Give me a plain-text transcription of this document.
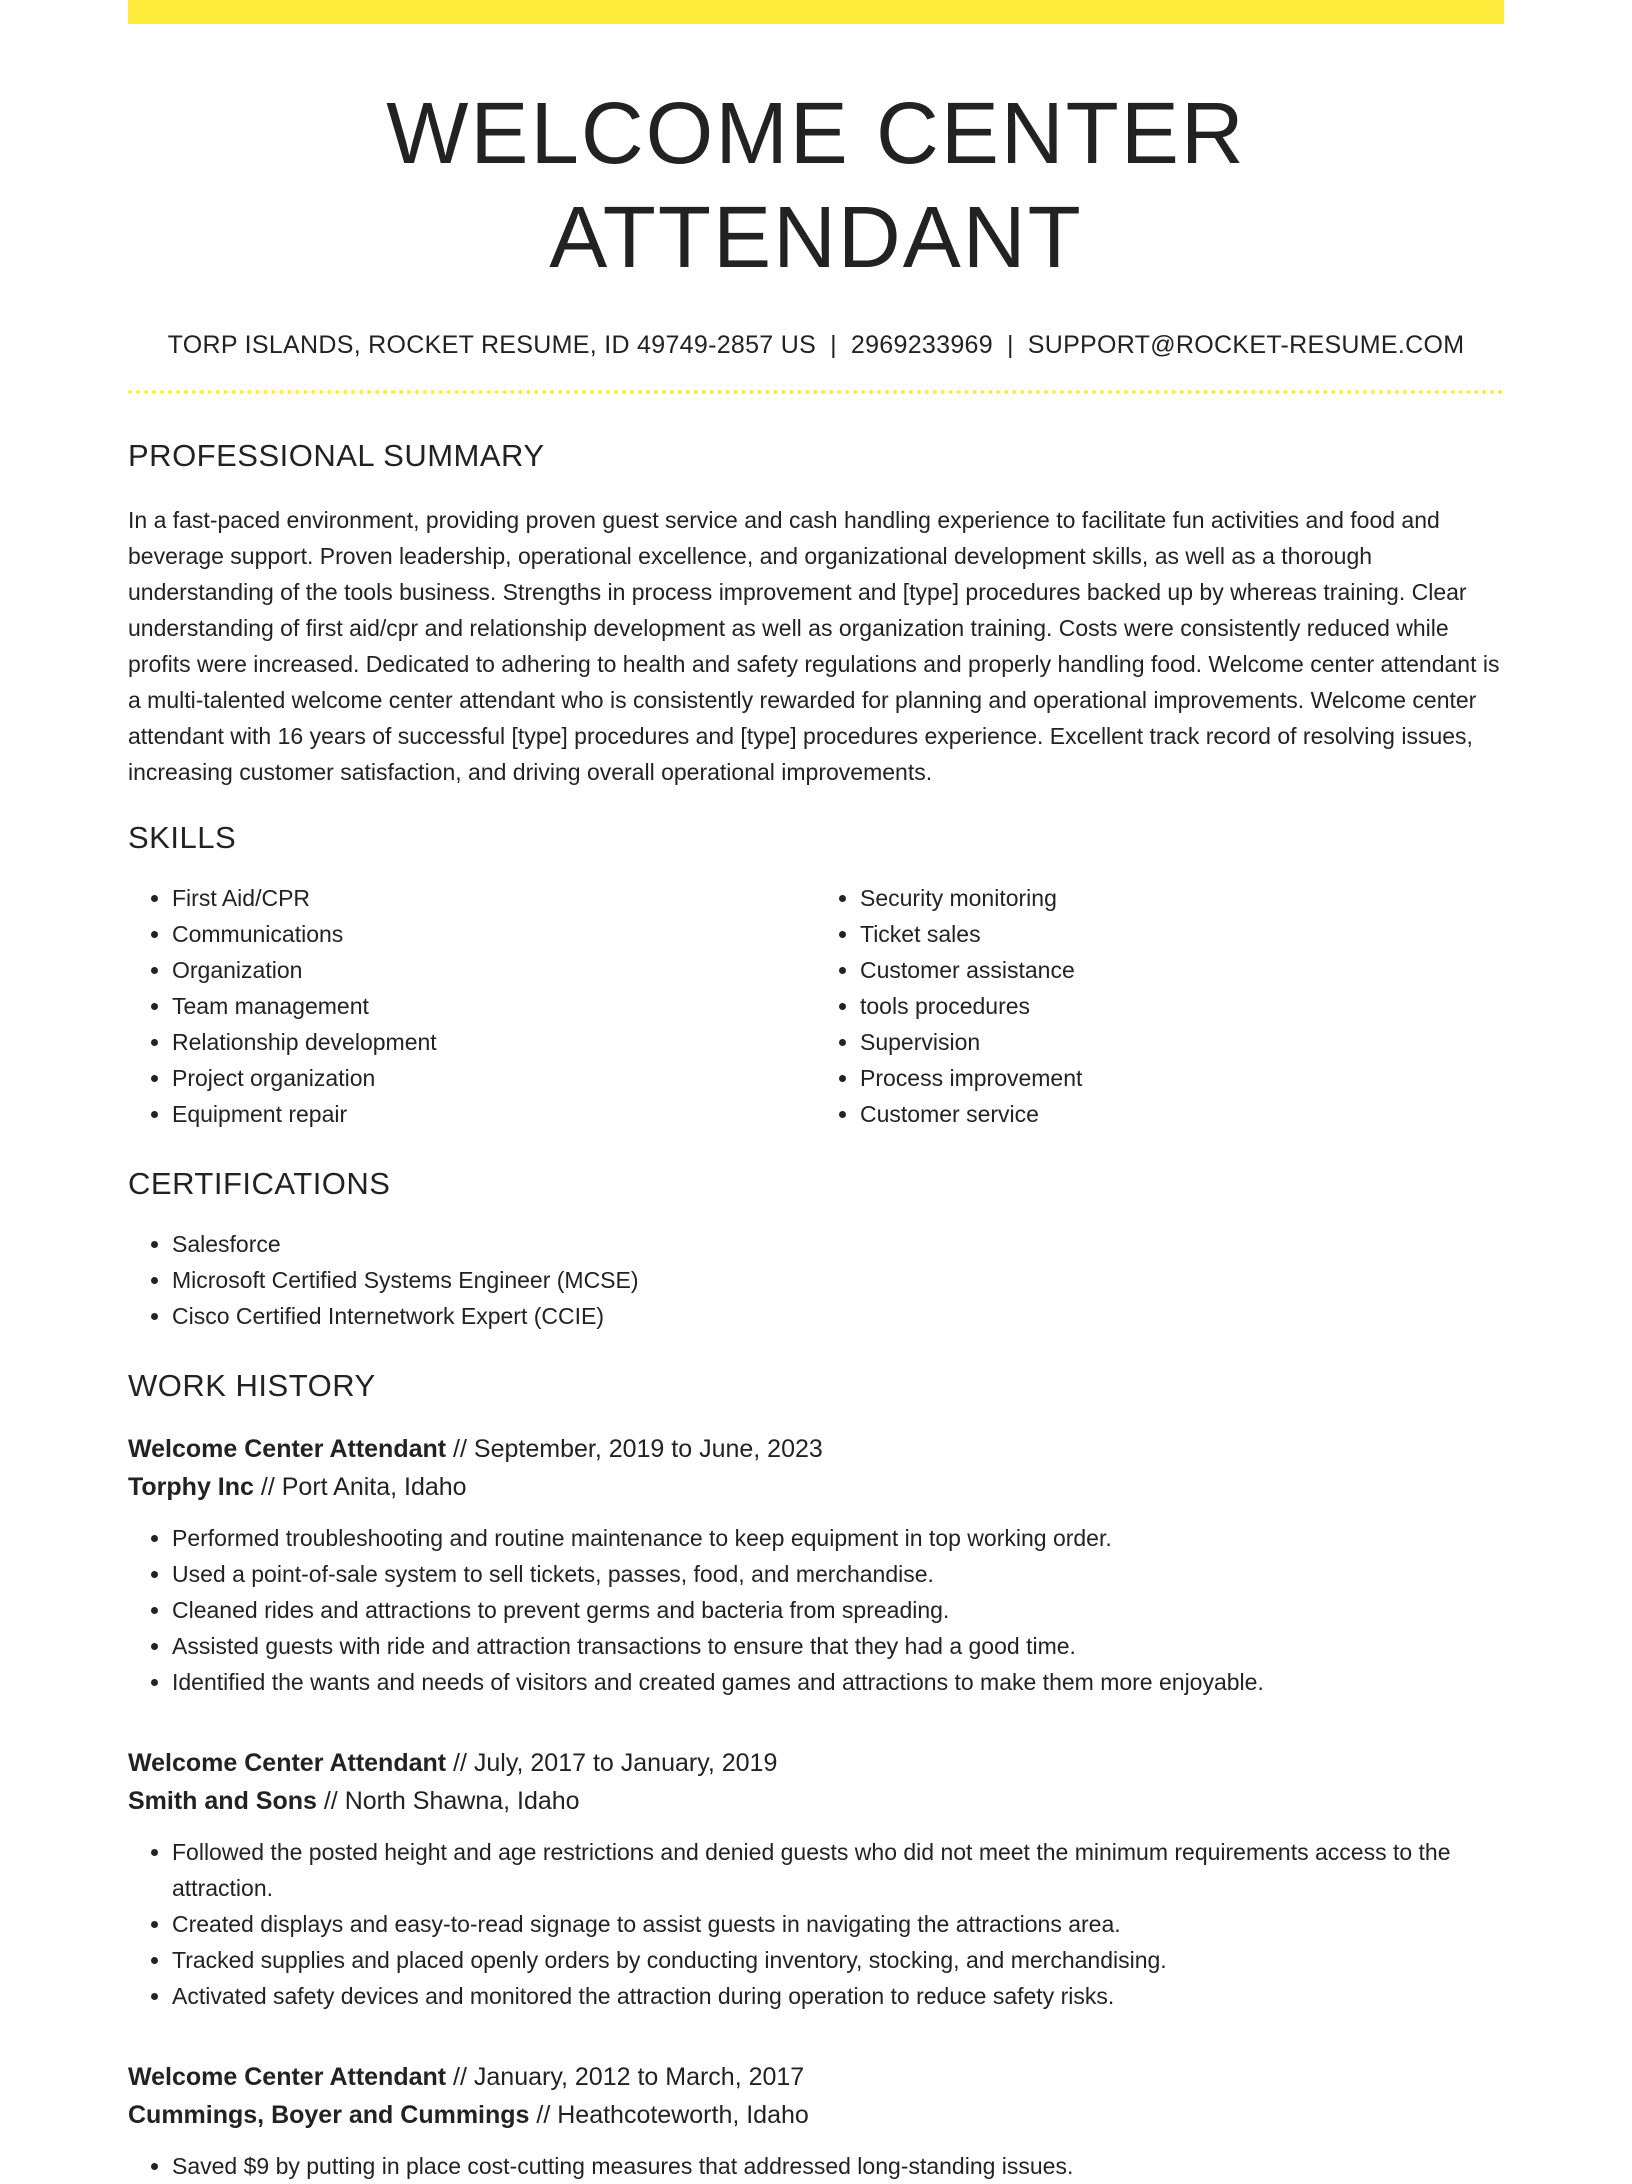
WELCOME CENTER ATTENDANT
TORP ISLANDS, ROCKET RESUME, ID 49749-2857 US | 2969233969 | SUPPORT@ROCKET-RESUME.COM
PROFESSIONAL SUMMARY

In a fast-paced environment, providing proven guest service and cash handling experience to facilitate fun activities and food and beverage support. Proven leadership, operational excellence, and organizational development skills, as well as a thorough understanding of the tools business. Strengths in process improvement and [type] procedures backed up by whereas training. Clear understanding of first aid/cpr and relationship development as well as organization training. Costs were consistently reduced while profits were increased. Dedicated to adhering to health and safety regulations and properly handling food. Welcome center attendant is a multi-talented welcome center attendant who is consistently rewarded for planning and operational improvements. Welcome center attendant with 16 years of successful [type] procedures and [type] procedures experience. Excellent track record of resolving issues, increasing customer satisfaction, and driving overall operational improvements.

SKILLS
• First Aid/CPR
• Communications
• Organization
• Team management
• Relationship development
• Project organization
• Equipment repair
• Security monitoring
• Ticket sales
• Customer assistance
• tools procedures
• Supervision
• Process improvement
• Customer service
CERTIFICATIONS
• Salesforce
• Microsoft Certified Systems Engineer (MCSE)
• Cisco Certified Internetwork Expert (CCIE)
WORK HISTORY
Welcome Center Attendant // September, 2019 to June, 2023
Torphy Inc // Port Anita, Idaho
• Performed troubleshooting and routine maintenance to keep equipment in top working order.
• Used a point-of-sale system to sell tickets, passes, food, and merchandise.
• Cleaned rides and attractions to prevent germs and bacteria from spreading.
• Assisted guests with ride and attraction transactions to ensure that they had a good time.
• Identified the wants and needs of visitors and created games and attractions to make them more enjoyable.
Welcome Center Attendant // July, 2017 to January, 2019
Smith and Sons // North Shawna, Idaho
• Followed the posted height and age restrictions and denied guests who did not meet the minimum requirements access to the attraction.
• Created displays and easy-to-read signage to assist guests in navigating the attractions area.
• Tracked supplies and placed openly orders by conducting inventory, stocking, and merchandising.
• Activated safety devices and monitored the attraction during operation to reduce safety risks.
Welcome Center Attendant // January, 2012 to March, 2017
Cummings, Boyer and Cummings // Heathcoteworth, Idaho
• Saved $9 by putting in place cost-cutting measures that addressed long-standing issues.
